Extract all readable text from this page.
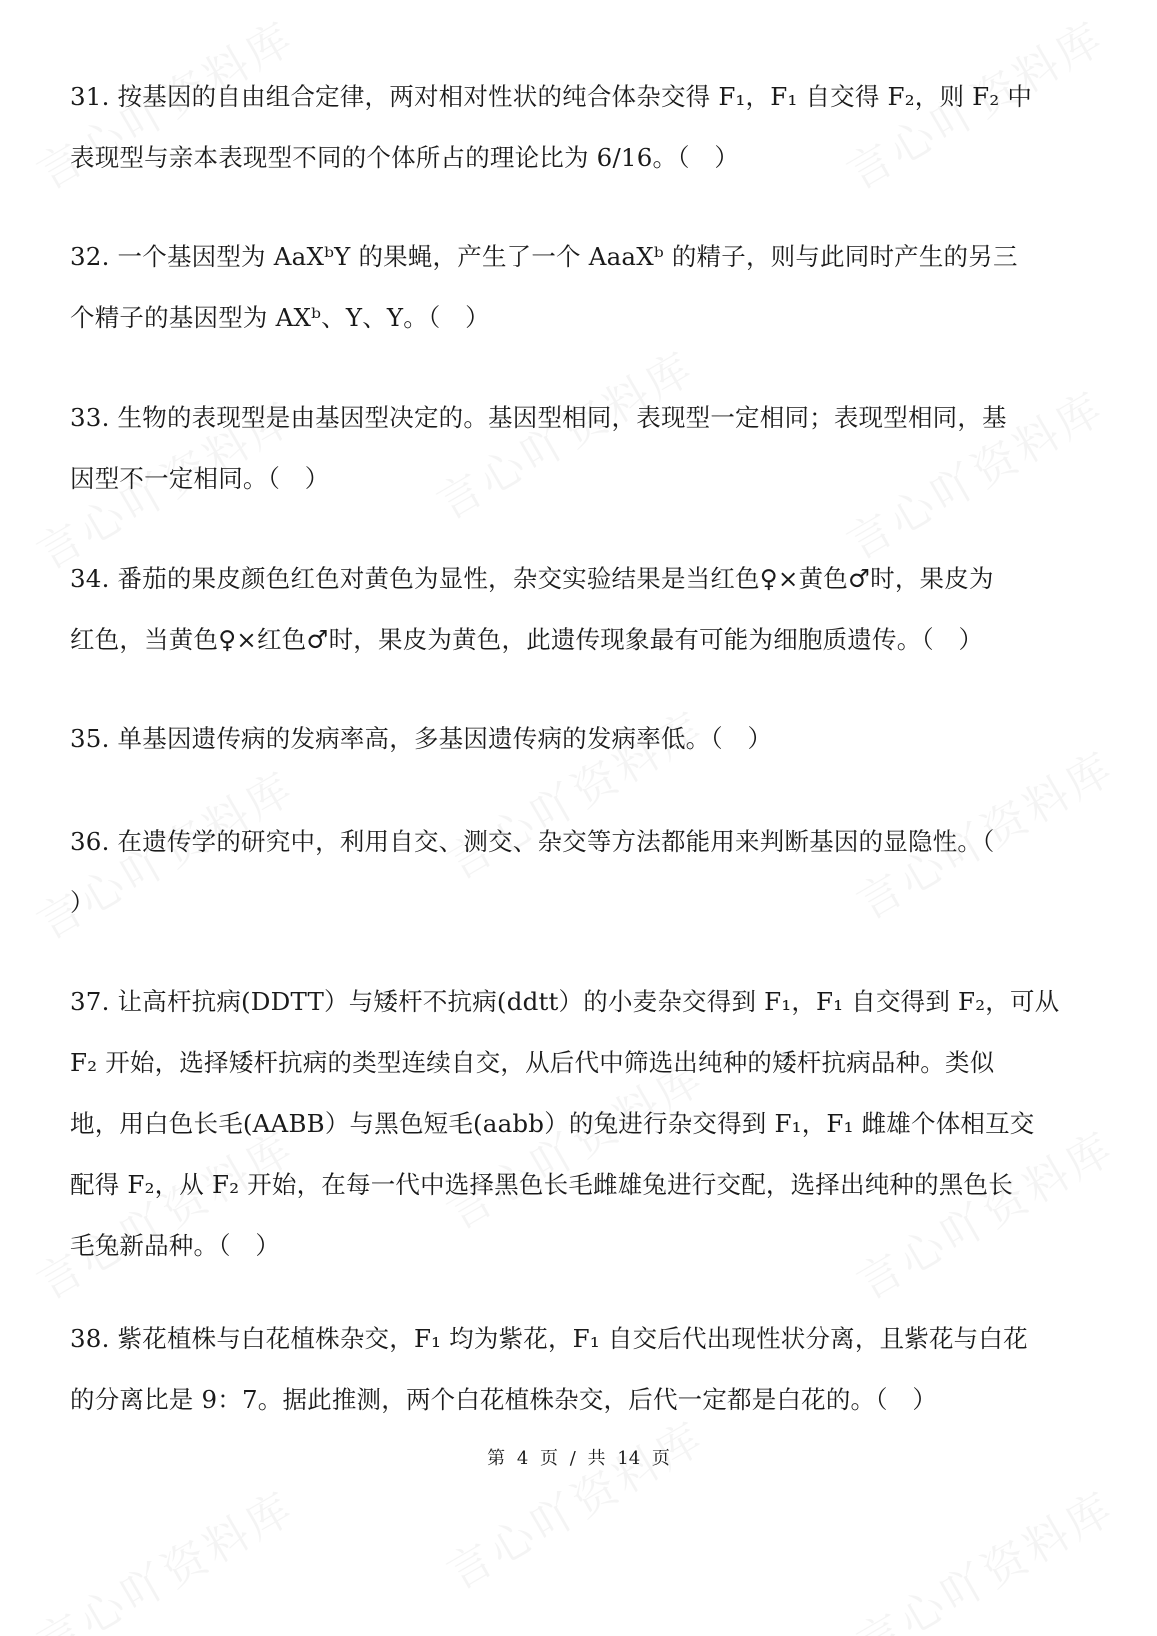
31. 按基因的自由组合定律，两对相对性状的纯合体杂交得 F₁，F₁ 自交得 F₂，则 F₂ 中

表现型与亲本表现型不同的个体所占的理论比为 6/16。（　）

32. 一个基因型为 AaXᵇY 的果蝇，产生了一个 AaaXᵇ 的精子，则与此同时产生的另三

个精子的基因型为 AXᵇ、Y、Y。（　）

33. 生物的表现型是由基因型决定的。基因型相同，表现型一定相同；表现型相同，基

因型不一定相同。（　）

34. 番茄的果皮颜色红色对黄色为显性，杂交实验结果是当红色♀×黄色♂时，果皮为

红色，当黄色♀×红色♂时，果皮为黄色，此遗传现象最有可能为细胞质遗传。（　）

35. 单基因遗传病的发病率高，多基因遗传病的发病率低。（　）

36. 在遗传学的研究中，利用自交、测交、杂交等方法都能用来判断基因的显隐性。（

）

37. 让高杆抗病(DDTT）与矮杆不抗病(ddtt）的小麦杂交得到 F₁，F₁ 自交得到 F₂，可从

F₂ 开始，选择矮杆抗病的类型连续自交，从后代中筛选出纯种的矮杆抗病品种。类似

地，用白色长毛(AABB）与黑色短毛(aabb）的兔进行杂交得到 F₁，F₁ 雌雄个体相互交

配得 F₂，从 F₂ 开始，在每一代中选择黑色长毛雌雄兔进行交配，选择出纯种的黑色长

毛兔新品种。（　）

38. 紫花植株与白花植株杂交，F₁ 均为紫花，F₁ 自交后代出现性状分离，且紫花与白花

的分离比是 9：7。据此推测，两个白花植株杂交，后代一定都是白花的。（　）

第 4 页 / 共 14 页
